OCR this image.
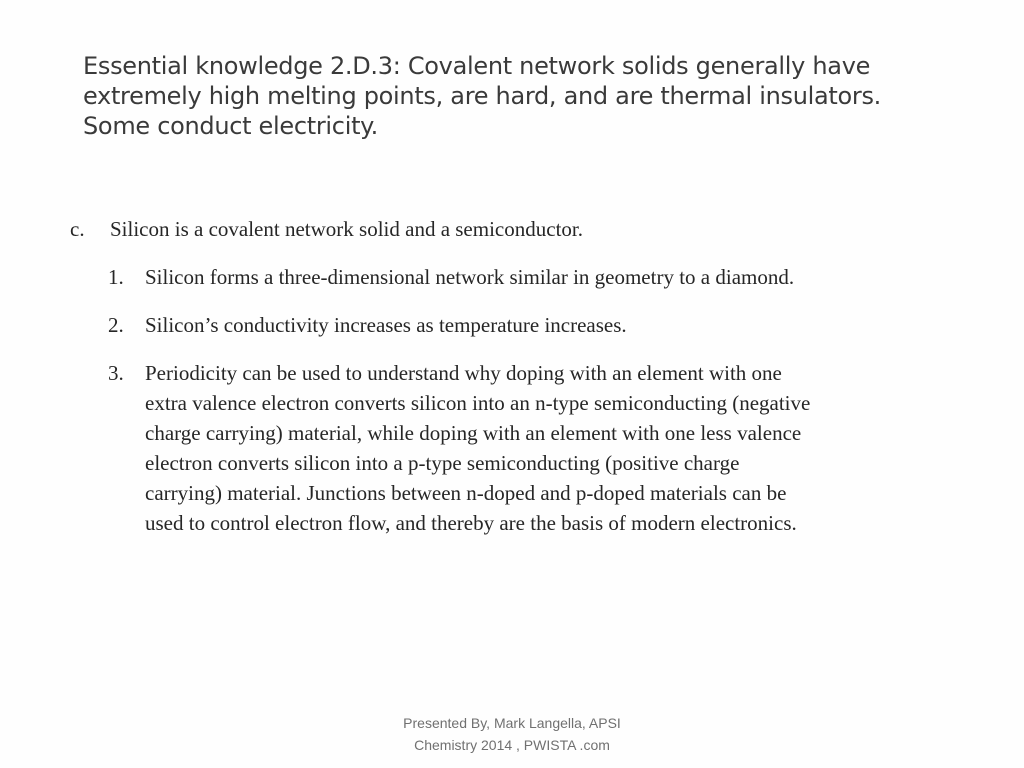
Essential knowledge 2.D.3: Covalent network solids generally have
extremely high melting points, are hard, and are thermal insulators.
Some conduct electricity.
c. Silicon is a covalent network solid and a semiconductor.
1. Silicon forms a three-dimensional network similar in geometry to a diamond.
2. Silicon’s conductivity increases as temperature increases.
3. Periodicity can be used to understand why doping with an element with one
extra valence electron converts silicon into an n-type semiconducting (negative
charge carrying) material, while doping with an element with one less valence
electron converts silicon into a p-type semiconducting (positive charge
carrying) material. Junctions between n-doped and p-doped materials can be
used to control electron flow, and thereby are the basis of modern electronics.
Presented By, Mark Langella, APSI
Chemistry 2014 , PWISTA .com
